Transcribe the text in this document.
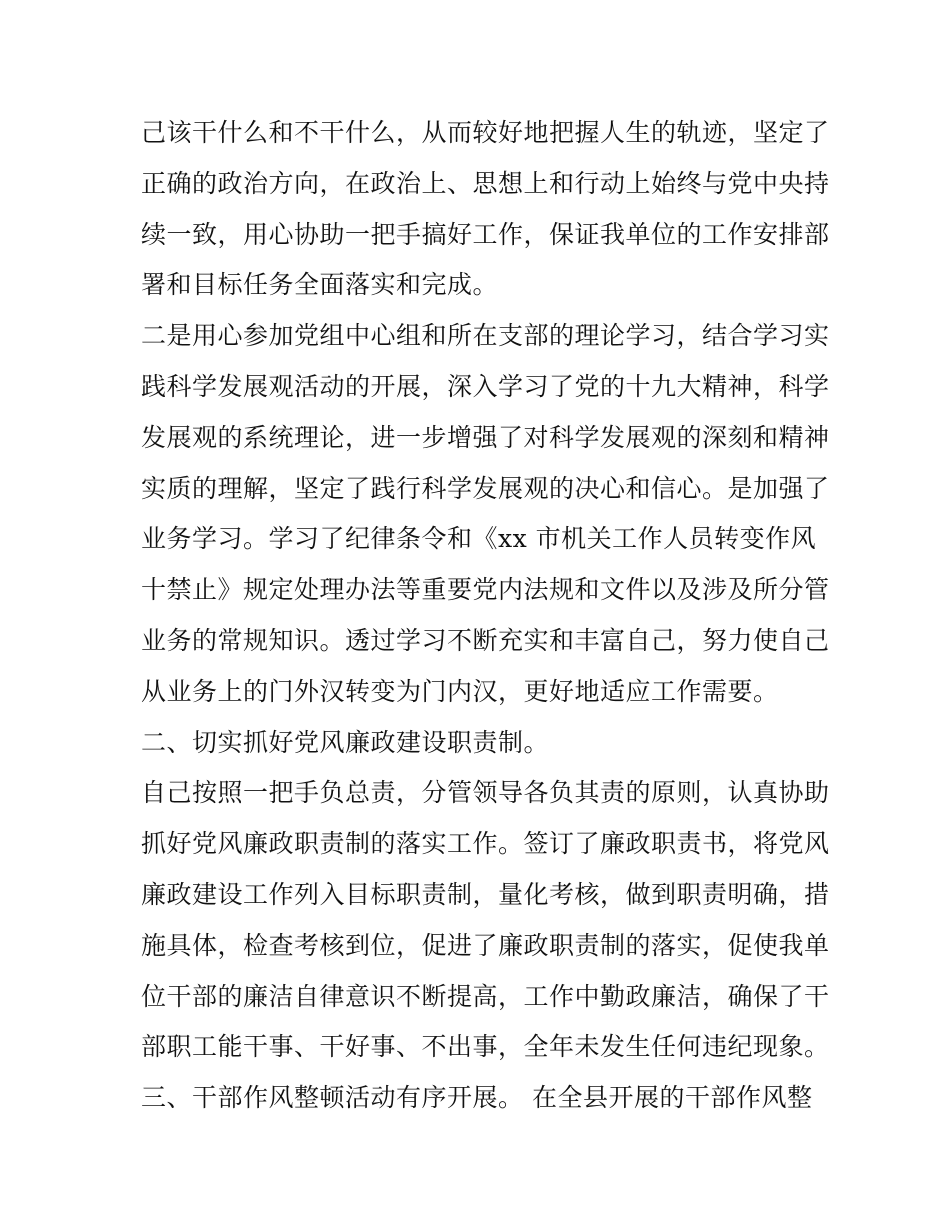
己该干什么和不干什么，从而较好地把握人生的轨迹，坚定了
正确的政治方向，在政治上、思想上和行动上始终与党中央持
续一致，用心协助一把手搞好工作，保证我单位的工作安排部
署和目标任务全面落实和完成。
二是用心参加党组中心组和所在支部的理论学习，结合学习实
践科学发展观活动的开展，深入学习了党的十九大精神，科学
发展观的系统理论，进一步增强了对科学发展观的深刻和精神
实质的理解，坚定了践行科学发展观的决心和信心。是加强了
业务学习。学习了纪律条令和《xx 市机关工作人员转变作风
十禁止》规定处理办法等重要党内法规和文件以及涉及所分管
业务的常规知识。透过学习不断充实和丰富自己，努力使自己
从业务上的门外汉转变为门内汉，更好地适应工作需要。
二、切实抓好党风廉政建设职责制。
自己按照一把手负总责，分管领导各负其责的原则，认真协助
抓好党风廉政职责制的落实工作。签订了廉政职责书，将党风
廉政建设工作列入目标职责制，量化考核，做到职责明确，措
施具体，检查考核到位，促进了廉政职责制的落实，促使我单
位干部的廉洁自律意识不断提高，工作中勤政廉洁，确保了干
部职工能干事、干好事、不出事，全年未发生任何违纪现象。
三、干部作风整顿活动有序开展。 在全县开展的干部作风整
